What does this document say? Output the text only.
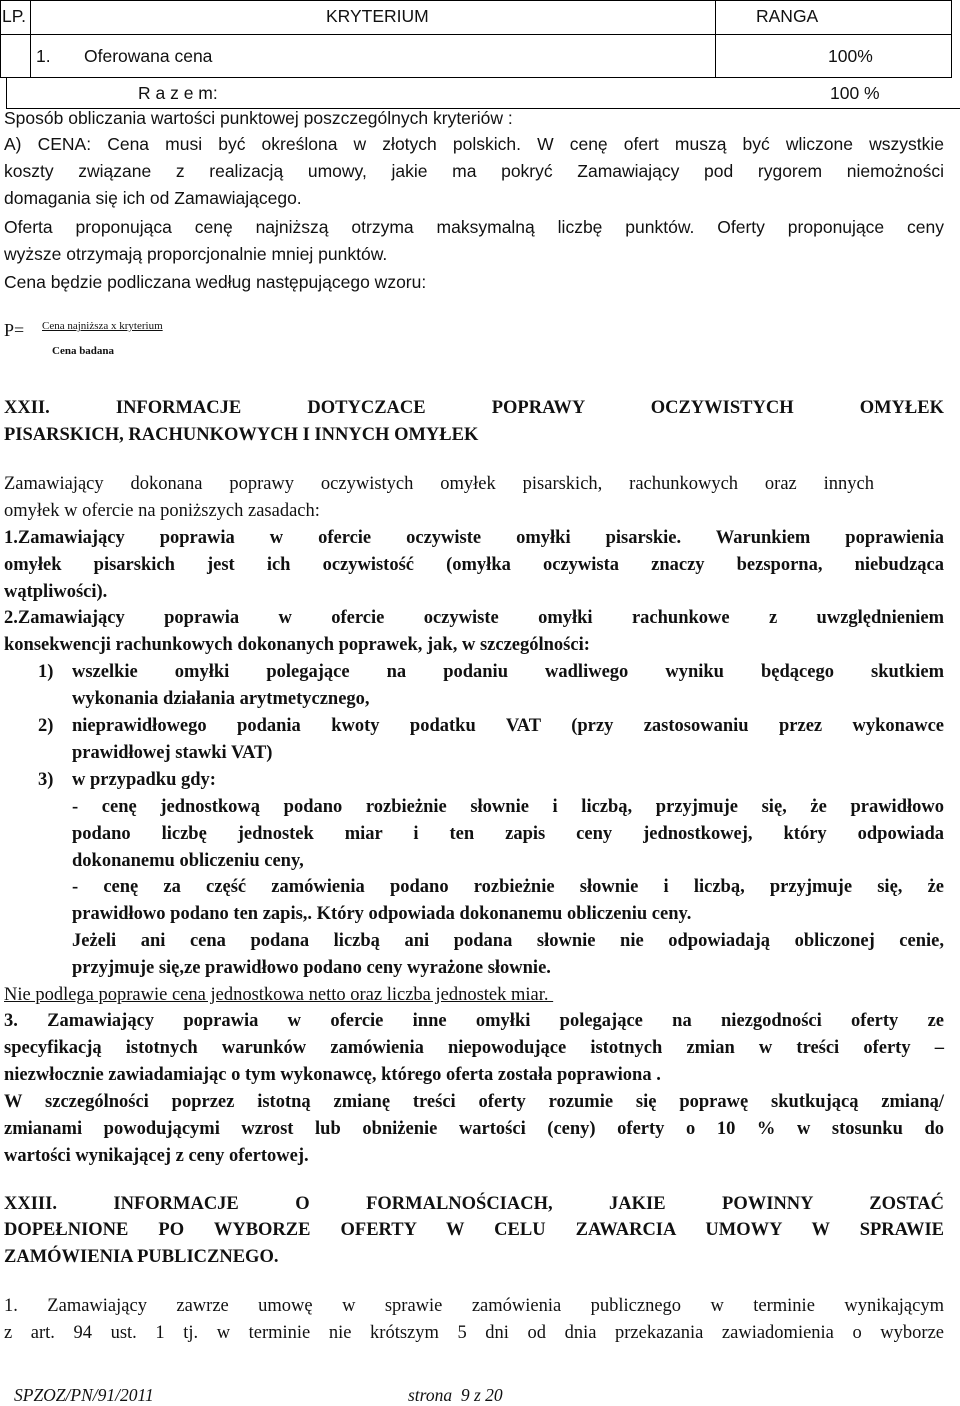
LP.	KRYTERIUM	RANGA
1. Oferowana cena	100%
R a z e m:	100 %
Sposób obliczania wartości punktowej poszczególnych kryteriów :
A) CENA: Cena musi być określona w złotych polskich. W cenę ofert muszą być wliczone wszystkie
koszty związane z realizacją umowy, jakie ma pokryć Zamawiający pod rygorem niemożności
domagania się ich od Zamawiającego.
Oferta proponująca cenę najniższą otrzyma maksymalną liczbę punktów. Oferty proponujące ceny
wyższe otrzymają proporcjonalnie mniej punktów.
Cena będzie podliczana według następującego wzoru:
P= Cena najniższa x kryterium
Cena badana
XXII. INFORMACJE DOTYCZACE POPRAWY OCZYWISTYCH OMYŁEK
PISARSKICH, RACHUNKOWYCH I INNYCH OMYŁEK
Zamawiający dokonana poprawy oczywistych omyłek pisarskich, rachunkowych oraz innych
omyłek w ofercie na poniższych zasadach:
1.Zamawiający poprawia w ofercie oczywiste omyłki pisarskie. Warunkiem poprawienia
omyłek pisarskich jest ich oczywistość (omyłka oczywista znaczy bezsporna, niebudząca
wątpliwości).
2.Zamawiający poprawia w ofercie oczywiste omyłki rachunkowe z uwzględnieniem
konsekwencji rachunkowych dokonanych poprawek, jak, w szczególności:
1) wszelkie omyłki polegające na podaniu wadliwego wyniku będącego skutkiem
wykonania działania arytmetycznego,
2) nieprawidłowego podania kwoty podatku VAT (przy zastosowaniu przez wykonawce
prawidłowej stawki VAT)
3) w przypadku gdy:
- cenę jednostkową podano rozbieżnie słownie i liczbą, przyjmuje się, że prawidłowo
podano liczbę jednostek miar i ten zapis ceny jednostkowej, który odpowiada
dokonanemu obliczeniu ceny,
- cenę za część zamówienia podano rozbieżnie słownie i liczbą, przyjmuje się, że
prawidłowo podano ten zapis,. Który odpowiada dokonanemu obliczeniu ceny.
Jeżeli ani cena podana liczbą ani podana słownie nie odpowiadają obliczonej cenie,
przyjmuje się,ze prawidłowo podano ceny wyrażone słownie.
Nie podlega poprawie cena jednostkowa netto oraz liczba jednostek miar.
3. Zamawiający poprawia w ofercie inne omyłki polegające na niezgodności oferty ze
specyfikacją istotnych warunków zamówienia niepowodujące istotnych zmian w treści oferty –
niezwłocznie zawiadamiając o tym wykonawcę, którego oferta została poprawiona .
W szczególności poprzez istotną zmianę treści oferty rozumie się poprawę skutkującą zmianą/
zmianami powodującymi wzrost lub obniżenie wartości (ceny) oferty o 10 % w stosunku do
wartości wynikającej z ceny ofertowej.
XXIII. INFORMACJE O FORMALNOŚCIACH, JAKIE POWINNY ZOSTAĆ
DOPEŁNIONE PO WYBORZE OFERTY W CELU ZAWARCIA UMOWY W SPRAWIE
ZAMÓWIENIA PUBLICZNEGO.
1. Zamawiający zawrze umowę w sprawie zamówienia publicznego w terminie wynikającym
z art. 94 ust. 1 tj. w terminie nie krótszym 5 dni od dnia przekazania zawiadomienia o wyborze
SPZOZ/PN/91/2011	strona  9 z 20
